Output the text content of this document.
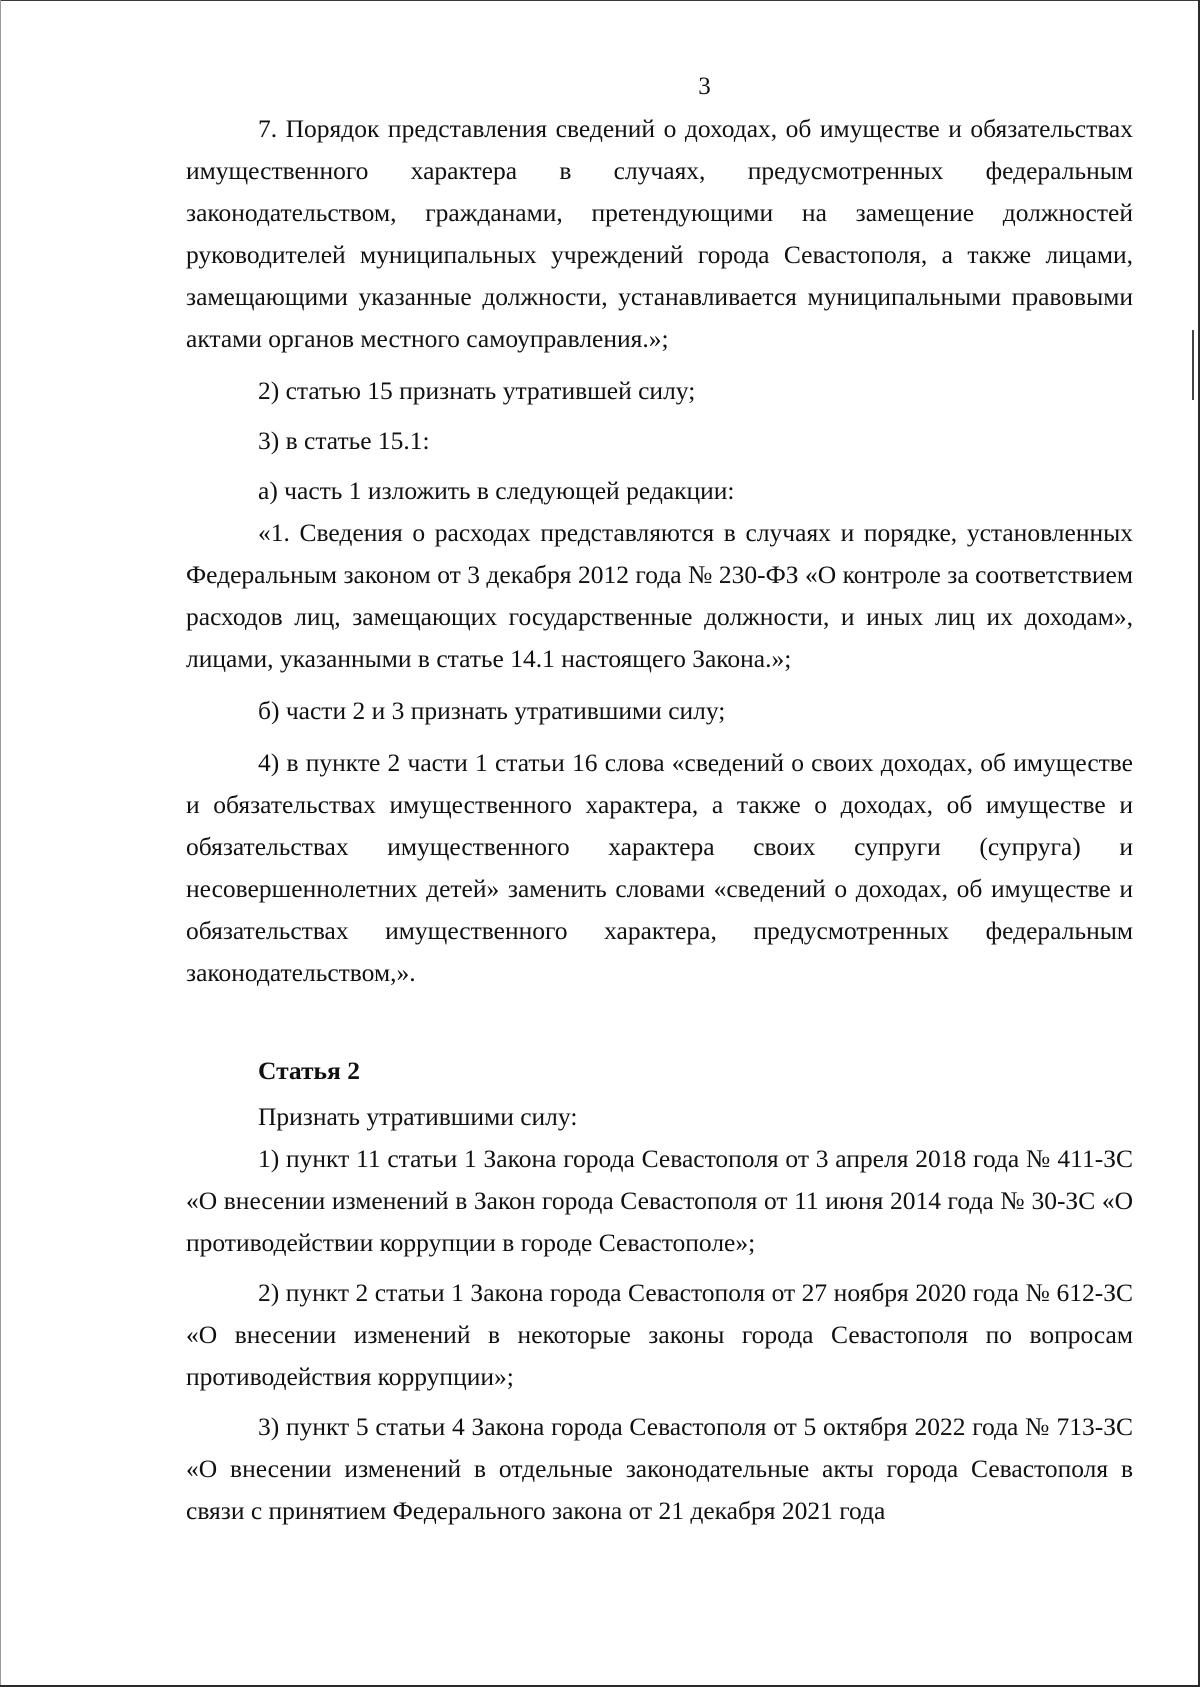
3

7. Порядок представления сведений о доходах, об имуществе и обязательствах имущественного характера в случаях, предусмотренных федеральным законодательством, гражданами, претендующими на замещение должностей руководителей муниципальных учреждений города Севастополя, а также лицами, замещающими указанные должности, устанавливается муниципальными правовыми актами органов местного самоуправления.»;

2) статью 15 признать утратившей силу;

3) в статье 15.1:

а) часть 1 изложить в следующей редакции:

«1. Сведения о расходах представляются в случаях и порядке, установленных Федеральным законом от 3 декабря 2012 года № 230-ФЗ «О контроле за соответствием расходов лиц, замещающих государственные должности, и иных лиц их доходам», лицами, указанными в статье 14.1 настоящего Закона.»;

б) части 2 и 3 признать утратившими силу;

4) в пункте 2 части 1 статьи 16 слова «сведений о своих доходах, об имуществе и обязательствах имущественного характера, а также о доходах, об имуществе и обязательствах имущественного характера своих супруги (супруга) и несовершеннолетних детей» заменить словами «сведений о доходах, об имуществе и обязательствах имущественного характера, предусмотренных федеральным законодательством,».

Статья 2

Признать утратившими силу:

1) пункт 11 статьи 1 Закона города Севастополя от 3 апреля 2018 года № 411-ЗС «О внесении изменений в Закон города Севастополя от 11 июня 2014 года № 30-ЗС «О противодействии коррупции в городе Севастополе»;

2) пункт 2 статьи 1 Закона города Севастополя от 27 ноября 2020 года № 612-ЗС «О внесении изменений в некоторые законы города Севастополя по вопросам противодействия коррупции»;

3) пункт 5 статьи 4 Закона города Севастополя от 5 октября 2022 года № 713-ЗС «О внесении изменений в отдельные законодательные акты города Севастополя в связи с принятием Федерального закона от 21 декабря 2021 года
